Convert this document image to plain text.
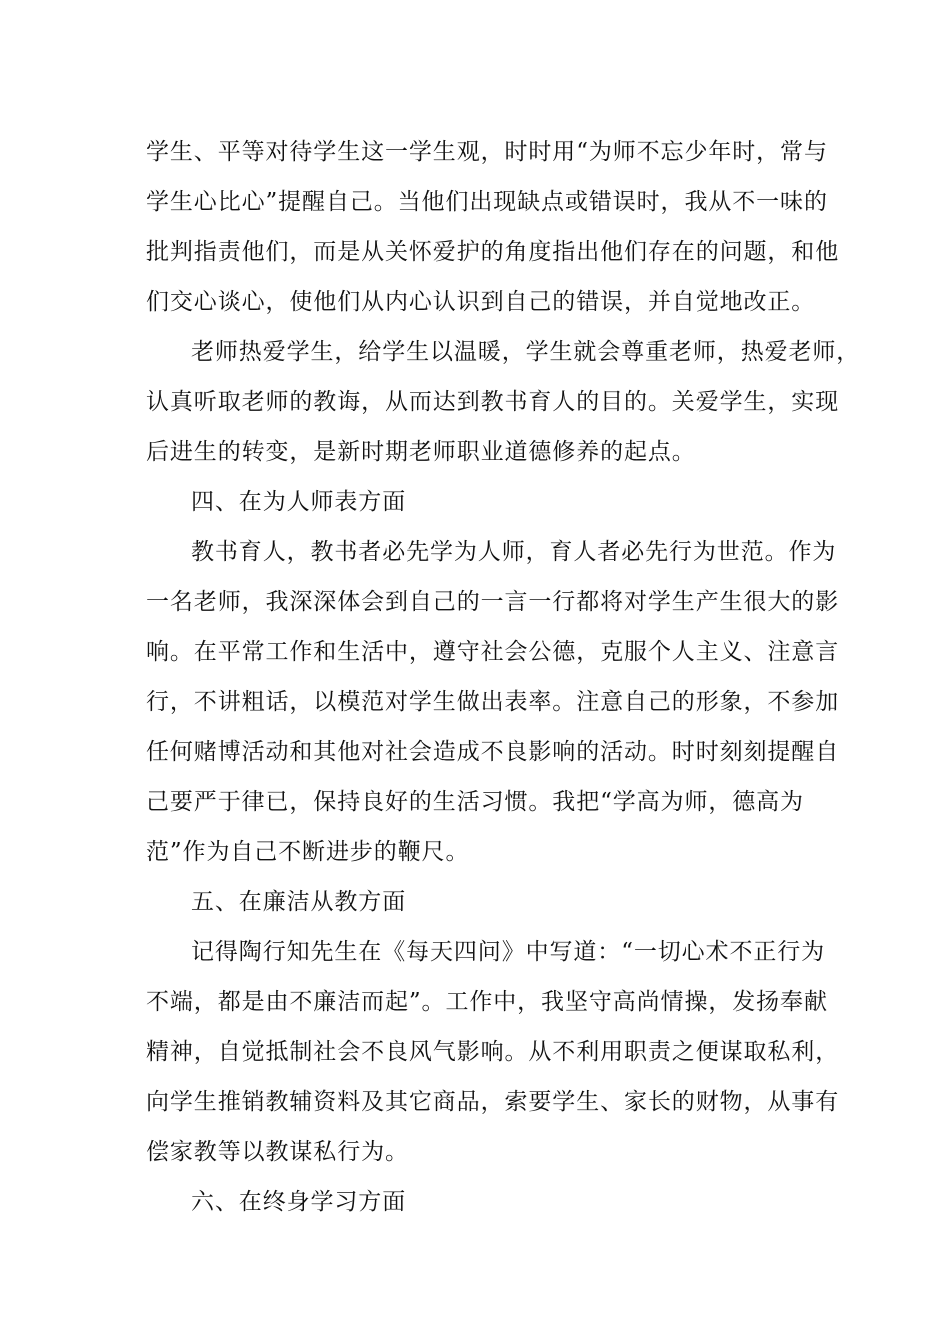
学生、平等对待学生这一学生观，时时用“为师不忘少年时，常与
学生心比心”提醒自己。当他们出现缺点或错误时，我从不一味的
批判指责他们，而是从关怀爱护的角度指出他们存在的问题，和他
们交心谈心，使他们从内心认识到自己的错误，并自觉地改正。
老师热爱学生，给学生以温暖，学生就会尊重老师，热爱老师，
认真听取老师的教诲，从而达到教书育人的目的。关爱学生，实现
后进生的转变，是新时期老师职业道德修养的起点。
四、在为人师表方面
教书育人，教书者必先学为人师，育人者必先行为世范。作为
一名老师，我深深体会到自己的一言一行都将对学生产生很大的影
响。在平常工作和生活中，遵守社会公德，克服个人主义、注意言
行，不讲粗话，以模范对学生做出表率。注意自己的形象，不参加
任何赌博活动和其他对社会造成不良影响的活动。时时刻刻提醒自
己要严于律已，保持良好的生活习惯。我把“学高为师，德高为
范”作为自己不断进步的鞭尺。
五、在廉洁从教方面
记得陶行知先生在《每天四问》中写道：“一切心术不正行为
不端，都是由不廉洁而起”。工作中，我坚守高尚情操，发扬奉献
精神，自觉抵制社会不良风气影响。从不利用职责之便谋取私利，
向学生推销教辅资料及其它商品，索要学生、家长的财物，从事有
偿家教等以教谋私行为。
六、在终身学习方面
